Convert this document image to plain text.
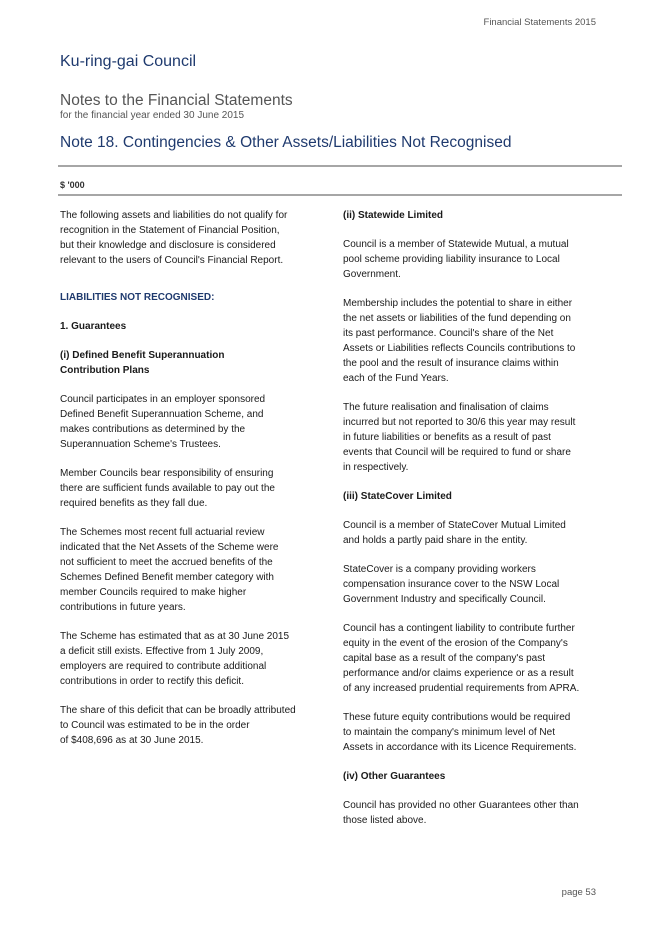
Financial Statements 2015
Ku-ring-gai Council
Notes to the Financial Statements
for the financial year ended 30 June 2015
Note 18. Contingencies & Other Assets/Liabilities Not Recognised
$ '000

The following assets and liabilities do not qualify for
recognition in the Statement of Financial Position,
but their knowledge and disclosure is considered
relevant to the users of Council's Financial Report.

LIABILITIES NOT RECOGNISED:
1. Guarantees
(i) Defined Benefit Superannuation
Contribution Plans

Council participates in an employer sponsored
Defined Benefit Superannuation Scheme, and
makes contributions as determined by the
Superannuation Scheme's Trustees.

Member Councils bear responsibility of ensuring
there are sufficient funds available to pay out the
required benefits as they fall due.

The Schemes most recent full actuarial review
indicated that the Net Assets of the Scheme were
not sufficient to meet the accrued benefits of the
Schemes Defined Benefit member category with
member Councils required to make higher
contributions in future years.

The Scheme has estimated that as at 30 June 2015
a deficit still exists. Effective from 1 July 2009,
employers are required to contribute additional
contributions in order to rectify this deficit.

The share of this deficit that can be broadly attributed
to Council was estimated to be in the order
of $408,696 as at 30 June 2015.

(ii) Statewide Limited

Council is a member of Statewide Mutual, a mutual
pool scheme providing liability insurance to Local
Government.

Membership includes the potential to share in either
the net assets or liabilities of the fund depending on
its past performance. Council's share of the Net
Assets or Liabilities reflects Councils contributions to
the pool and the result of insurance claims within
each of the Fund Years.

The future realisation and finalisation of claims
incurred but not reported to 30/6 this year may result
in future liabilities or benefits as a result of past
events that Council will be required to fund or share
in respectively.

(iii) StateCover Limited

Council is a member of StateCover Mutual Limited
and holds a partly paid share in the entity.

StateCover is a company providing workers
compensation insurance cover to the NSW Local
Government Industry and specifically Council.

Council has a contingent liability to contribute further
equity in the event of the erosion of the Company's
capital base as a result of the company's past
performance and/or claims experience or as a result
of any increased prudential requirements from APRA.

These future equity contributions would be required
to maintain the company's minimum level of Net
Assets in accordance with its Licence Requirements.

(iv) Other Guarantees

Council has provided no other Guarantees other than
those listed above.

page 53
